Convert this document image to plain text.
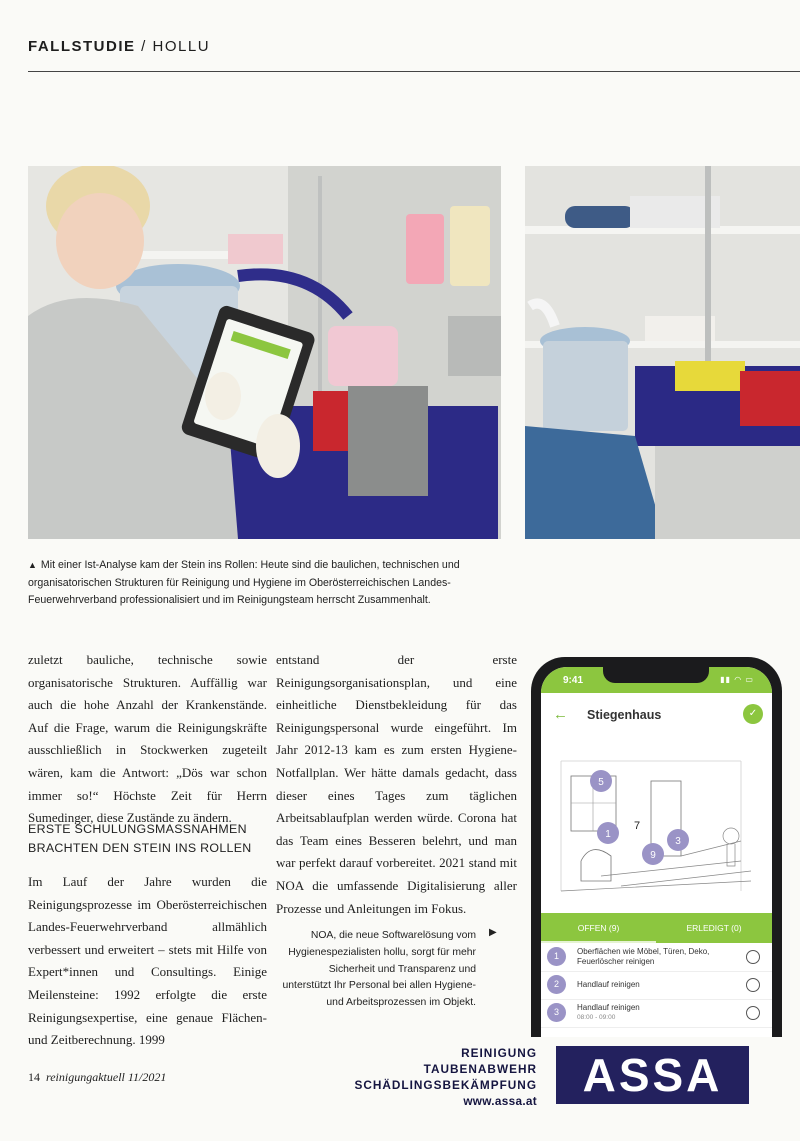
FALLSTUDIE / HOLLU
▲ Mit einer Ist-Analyse kam der Stein ins Rollen: Heute sind die baulichen, technischen und organisatorischen Strukturen für Reinigung und Hygiene im Oberösterreichischen Landes-Feuerwehrverband professionalisiert und im Reinigungsteam herrscht Zusammenhalt.

zuletzt bauliche, technische sowie organisatorische Strukturen. Auffällig war auch die hohe Anzahl der Krankenstände. Auf die Frage, warum die Reinigungskräfte ausschließlich in Stockwerken zugeteilt wären, kam die Antwort: „Dös war schon immer so!“ Höchste Zeit für Herrn Sumedinger, diese Zustände zu ändern.

ERSTE SCHULUNGSMASSNAHMEN BRACHTEN DEN STEIN INS ROLLEN

Im Lauf der Jahre wurden die Reinigungsprozesse im Oberösterreichischen Landes-Feuerwehrverband allmählich verbessert und erweitert – stets mit Hilfe von Expert*innen und Consultings. Einige Meilensteine: 1992 erfolgte die erste Reinigungsexpertise, eine genaue Flächen- und Zeitberechnung. 1999

entstand der erste Reinigungsorganisationsplan, und eine einheitliche Dienstbekleidung für das Reinigungspersonal wurde eingeführt. Im Jahr 2012-13 kam es zum ersten Hygiene-Notfallplan. Wer hätte damals gedacht, dass dieser eines Tages zum täglichen Arbeitsablaufplan werden würde. Corona hat das Team eines Besseren belehrt, und man war perfekt darauf vorbereitet. 2021 stand mit NOA die umfassende Digitalisierung aller Prozesse und Anleitungen im Fokus.

NOA, die neue Softwarelösung vom Hygienespezialisten hollu, sorgt für mehr Sicherheit und Transparenz und unterstützt Ihr Personal bei allen Hygiene- und Arbeitsprozessen im Objekt.
▶
9:41	▮▮ ◠ ▭
← Stiegenhaus	✓
5
1
7
3
9
OFFEN (9)	ERLEDIGT (0)
1	Oberflächen wie Möbel, Türen, Deko, Feuerlöscher reinigen
2	Handlauf reinigen
3	Handlauf reinigen
08:00 - 09:00
14 reinigungaktuell 11/2021
REINIGUNG
TAUBENABWEHR
SCHÄDLINGSBEKÄMPFUNG
www.assa.at ASSA
